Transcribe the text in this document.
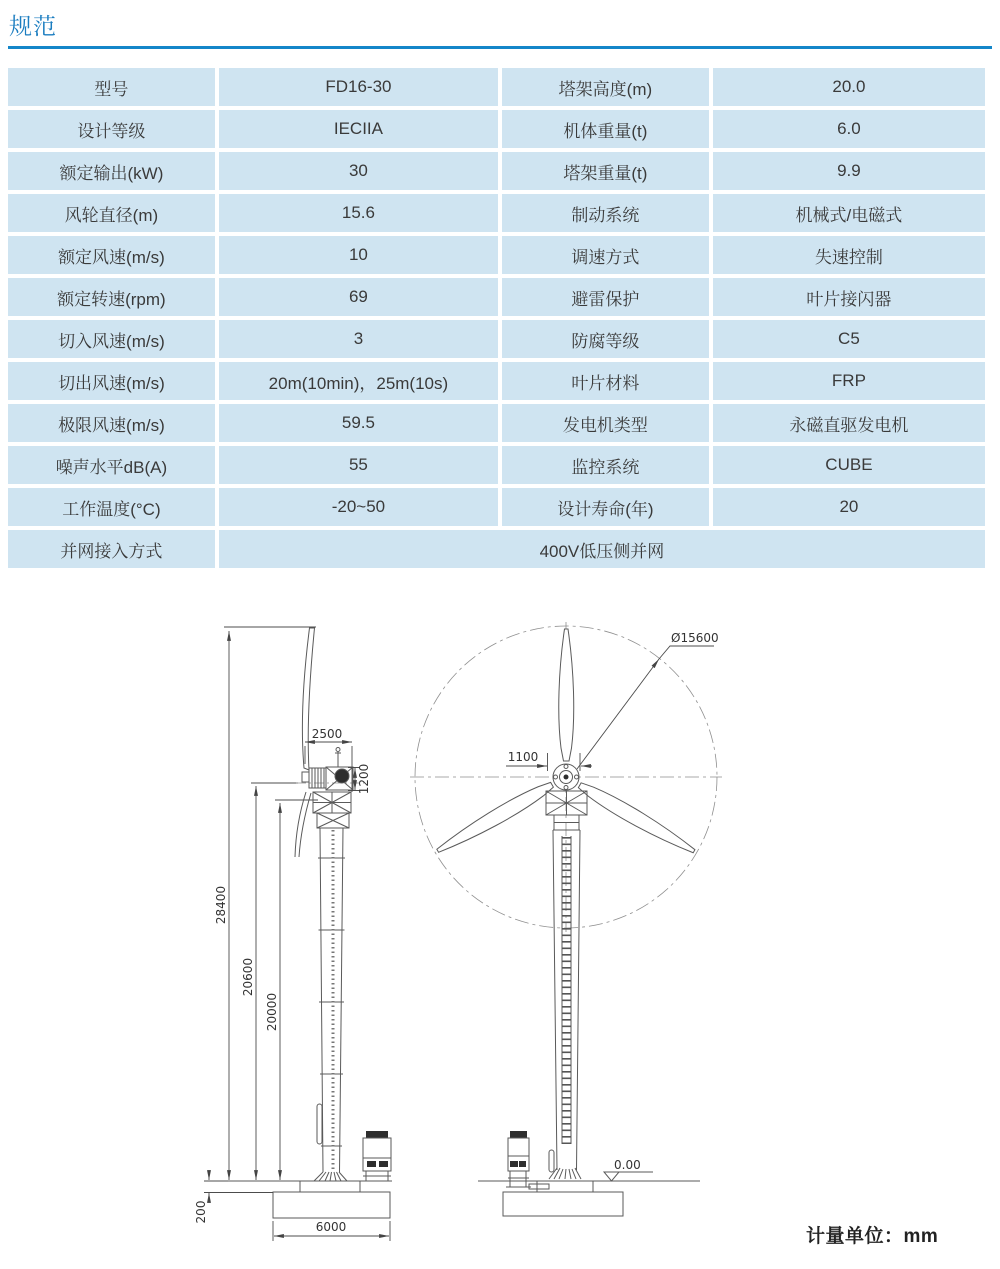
规范
型号	FD16-30	塔架高度(m)	20.0
设计等级	IECIIA	机体重量(t)	6.0
额定输出(kW)	30	塔架重量(t)	9.9
风轮直径(m)	15.6	制动系统	机械式/电磁式
额定风速(m/s)	10	调速方式	失速控制
额定转速(rpm)	69	避雷保护	叶片接闪器
切入风速(m/s)	3	防腐等级	C5
切出风速(m/s)	20m(10min)，25m(10s)	叶片材料	FRP
极限风速(m/s)	59.5	发电机类型	永磁直驱发电机
噪声水平dB(A)	55	监控系统	CUBE
工作温度(°C)	-20~50	设计寿命(年)	20
并网接入方式	400V低压侧并网		
2500
1200
28400
20600
20000
200
6000
Ø15600
1100
0.00
计量单位：mm
